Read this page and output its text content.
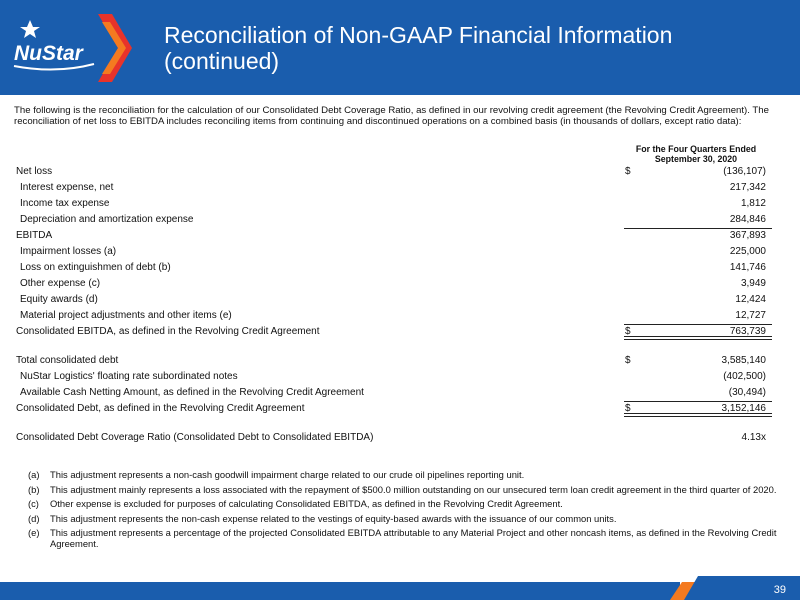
NuStar
Reconciliation of Non-GAAP Financial Information
(continued)
The following is the reconciliation for the calculation of our Consolidated Debt Coverage Ratio, as defined in our revolving credit agreement (the Revolving Credit Agreement). The reconciliation of net loss to EBITDA includes reconciling items from continuing and discontinued operations on a combined basis (in thousands of dollars, except ratio data):
For the Four Quarters Ended
September 30, 2020
Net loss	$	(136,107)
Interest expense, net	217,342
Income tax expense	1,812
Depreciation and amortization expense	284,846
EBITDA	367,893
Impairment losses (a)	225,000
Loss on extinguishmen of debt (b)	141,746
Other expense (c)	3,949
Equity awards (d)	12,424
Material project adjustments and other items (e)	12,727
Consolidated EBITDA, as defined in the Revolving Credit Agreement	$	763,739
Total consolidated debt	$	3,585,140
NuStar Logistics' floating rate subordinated notes	(402,500)
Available Cash Netting Amount, as defined in the Revolving Credit Agreement	(30,494)
Consolidated Debt, as defined in the Revolving Credit Agreement	$	3,152,146
Consolidated Debt Coverage Ratio (Consolidated Debt to Consolidated EBITDA)	4.13x
(a) This adjustment represents a non-cash goodwill impairment charge related to our crude oil pipelines reporting unit.
(b) This adjustment mainly represents a loss associated with the repayment of $500.0 million outstanding on our unsecured term loan credit agreement in the third quarter of 2020.
(c) Other expense is excluded for purposes of calculating Consolidated EBITDA, as defined in the Revolving Credit Agreement.
(d) This adjustment represents the non-cash expense related to the vestings of equity-based awards with the issuance of our common units.
(e) This adjustment represents a percentage of the projected Consolidated EBITDA attributable to any Material Project and other noncash items, as defined in the Revolving Credit Agreement.
39
